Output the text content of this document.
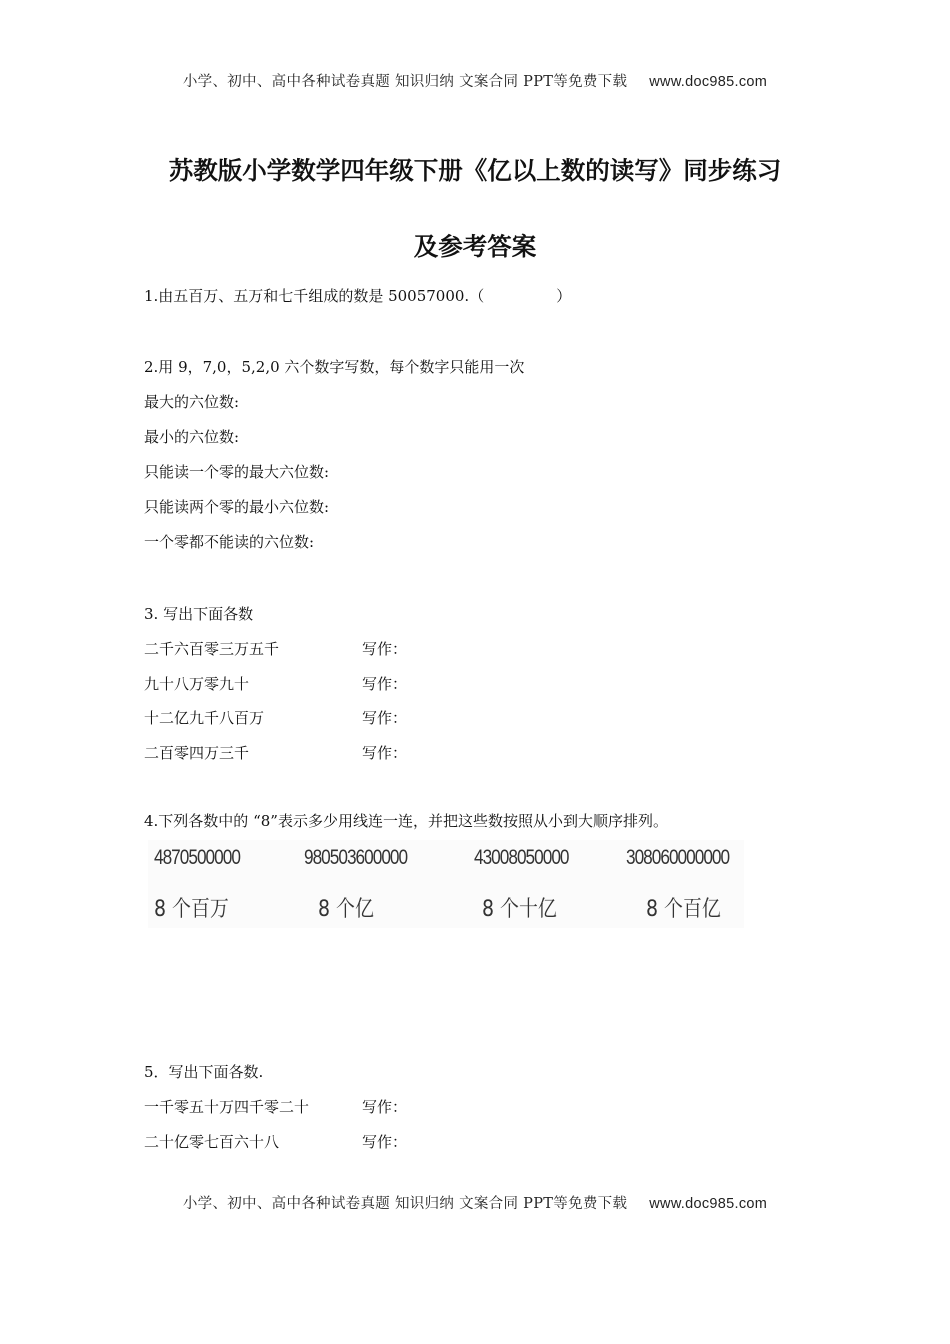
小学、初中、高中各种试卷真题 知识归纳 文案合同 PPT等免费下载 www.doc985.com
苏教版小学数学四年级下册《亿以上数的读写》同步练习
及参考答案
1.由五百万、五万和七千组成的数是 50057000.（	）
2.用 9，7,0，5,2,0 六个数字写数，每个数字只能用一次
最大的六位数:
最小的六位数:
只能读一个零的最大六位数:
只能读两个零的最小六位数:
一个零都不能读的六位数:
3. 写出下面各数
二千六百零三万五千	写作：
九十八万零九十	写作：
十二亿九千八百万	写作：
二百零四万三千	写作：
4.下列各数中的 “8”表示多少用线连一连，并把这些数按照从小到大顺序排列。
4870500000	980503600000	43008050000	308060000000
8 个百万	8 个亿	8 个十亿	8 个百亿
5．写出下面各数.
一千零五十万四千零二十	写作：
二十亿零七百六十八	写作：
小学、初中、高中各种试卷真题 知识归纳 文案合同 PPT等免费下载 www.doc985.com
